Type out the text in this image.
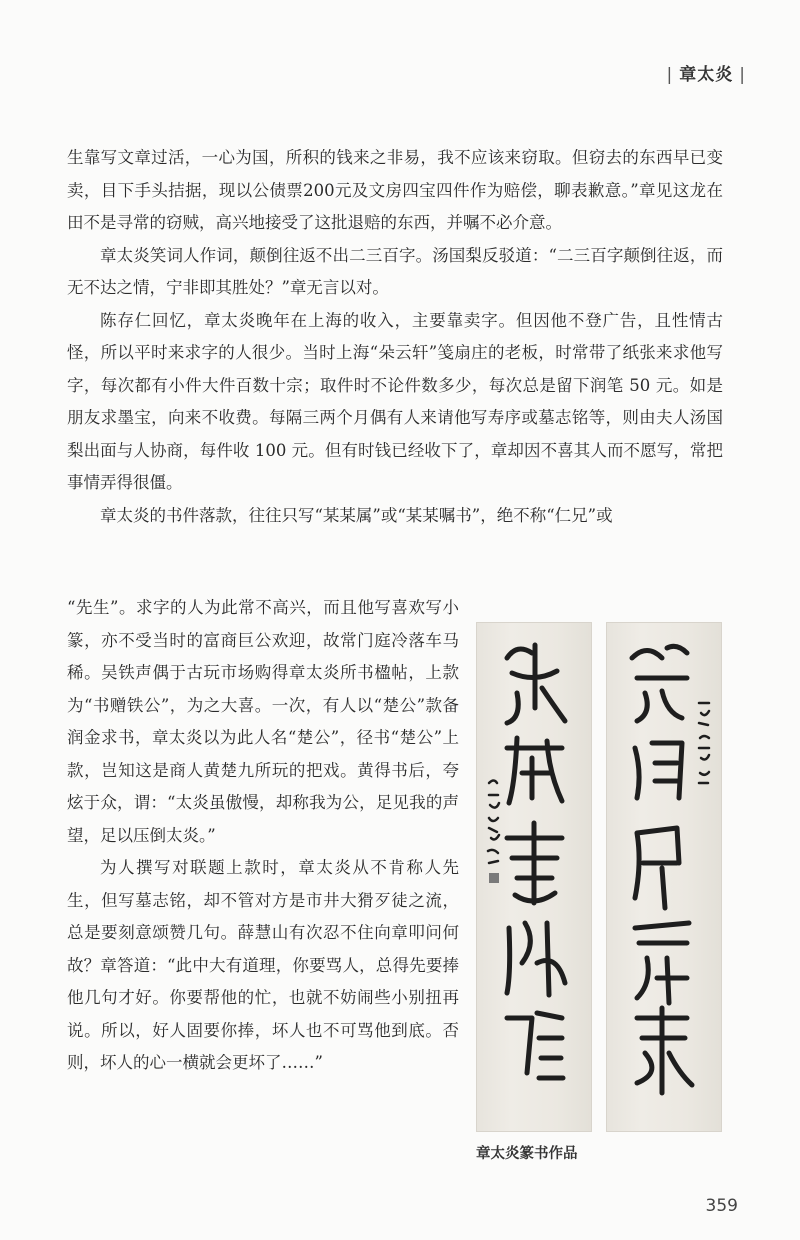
| 章太炎 |

生靠写文章过活，一心为国，所积的钱来之非易，我不应该来窃取。但窃去的东西早已变卖，目下手头拮据，现以公债票200元及文房四宝四件作为赔偿，聊表歉意。”章见这龙在田不是寻常的窃贼，高兴地接受了这批退赔的东西，并嘱不必介意。

章太炎笑词人作词，颠倒往返不出二三百字。汤国梨反驳道：“二三百字颠倒往返，而无不达之情，宁非即其胜处？”章无言以对。

陈存仁回忆，章太炎晚年在上海的收入，主要靠卖字。但因他不登广告，且性情古怪，所以平时来求字的人很少。当时上海“朵云轩”笺扇庄的老板，时常带了纸张来求他写字，每次都有小件大件百数十宗；取件时不论件数多少，每次总是留下润笔 50 元。如是朋友求墨宝，向来不收费。每隔三两个月偶有人来请他写寿序或墓志铭等，则由夫人汤国梨出面与人协商，每件收 100 元。但有时钱已经收下了，章却因不喜其人而不愿写，常把事情弄得很僵。

章太炎的书件落款，往往只写“某某属”或“某某嘱书”，绝不称“仁兄”或

“先生”。求字的人为此常不高兴，而且他写喜欢写小篆，亦不受当时的富商巨公欢迎，故常门庭冷落车马稀。吴铁声偶于古玩市场购得章太炎所书楹帖，上款为“书赠铁公”，为之大喜。一次，有人以“楚公”款备润金求书，章太炎以为此人名“楚公”，径书“楚公”上款，岂知这是商人黄楚九所玩的把戏。黄得书后，夸炫于众，谓：“太炎虽傲慢，却称我为公，足见我的声望，足以压倒太炎。”

为人撰写对联题上款时，章太炎从不肯称人先生，但写墓志铭，却不管对方是市井大猾歹徒之流，总是要刻意颂赞几句。薛慧山有次忍不住向章叩问何故？章答道：“此中大有道理，你要骂人，总得先要捧他几句才好。你要帮他的忙，也就不妨闹些小别扭再说。所以，好人固要你捧，坏人也不可骂他到底。否则，坏人的心一横就会更坏了……”

章太炎篆书作品
359
